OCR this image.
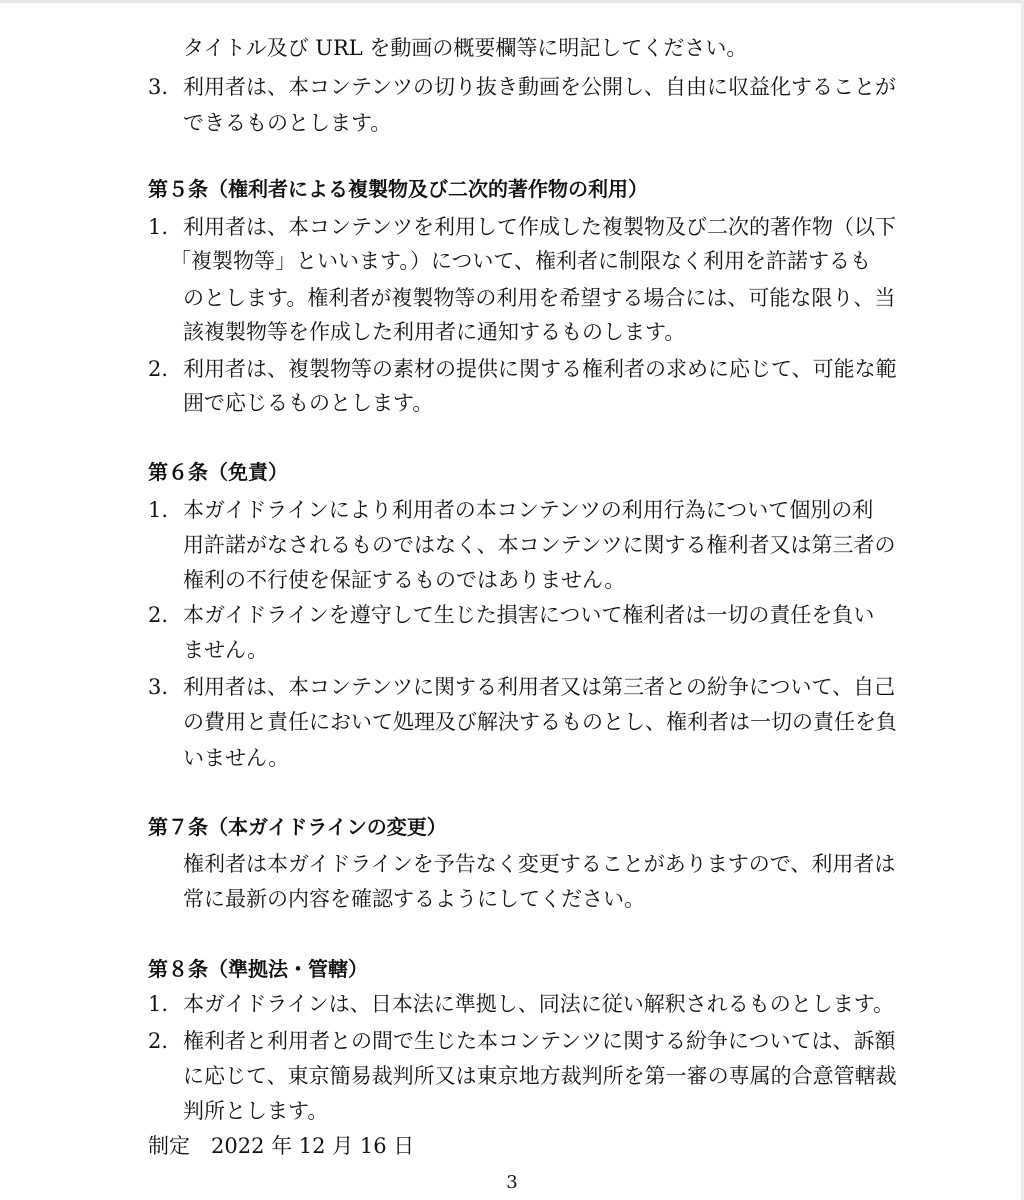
タイトル及び URL を動画の概要欄等に明記してください。
3. 利用者は、本コンテンツの切り抜き動画を公開し、自由に収益化することが
できるものとします。
第５条（権利者による複製物及び二次的著作物の利用）
1. 利用者は、本コンテンツを利用して作成した複製物及び二次的著作物（以下
「複製物等」といいます。）について、権利者に制限なく利用を許諾するも
のとします。権利者が複製物等の利用を希望する場合には、可能な限り、当
該複製物等を作成した利用者に通知するものします。
2. 利用者は、複製物等の素材の提供に関する権利者の求めに応じて、可能な範
囲で応じるものとします。
第６条（免責）
1. 本ガイドラインにより利用者の本コンテンツの利用行為について個別の利
用許諾がなされるものではなく、本コンテンツに関する権利者又は第三者の
権利の不行使を保証するものではありません。
2. 本ガイドラインを遵守して生じた損害について権利者は一切の責任を負い
ません。
3. 利用者は、本コンテンツに関する利用者又は第三者との紛争について、自己
の費用と責任において処理及び解決するものとし、権利者は一切の責任を負
いません。
第７条（本ガイドラインの変更）
権利者は本ガイドラインを予告なく変更することがありますので、利用者は
常に最新の内容を確認するようにしてください。
第８条（準拠法・管轄）
1. 本ガイドラインは、日本法に準拠し、同法に従い解釈されるものとします。
2. 権利者と利用者との間で生じた本コンテンツに関する紛争については、訴額
に応じて、東京簡易裁判所又は東京地方裁判所を第一審の専属的合意管轄裁
判所とします。
制定　2022 年 12 月 16 日
3
